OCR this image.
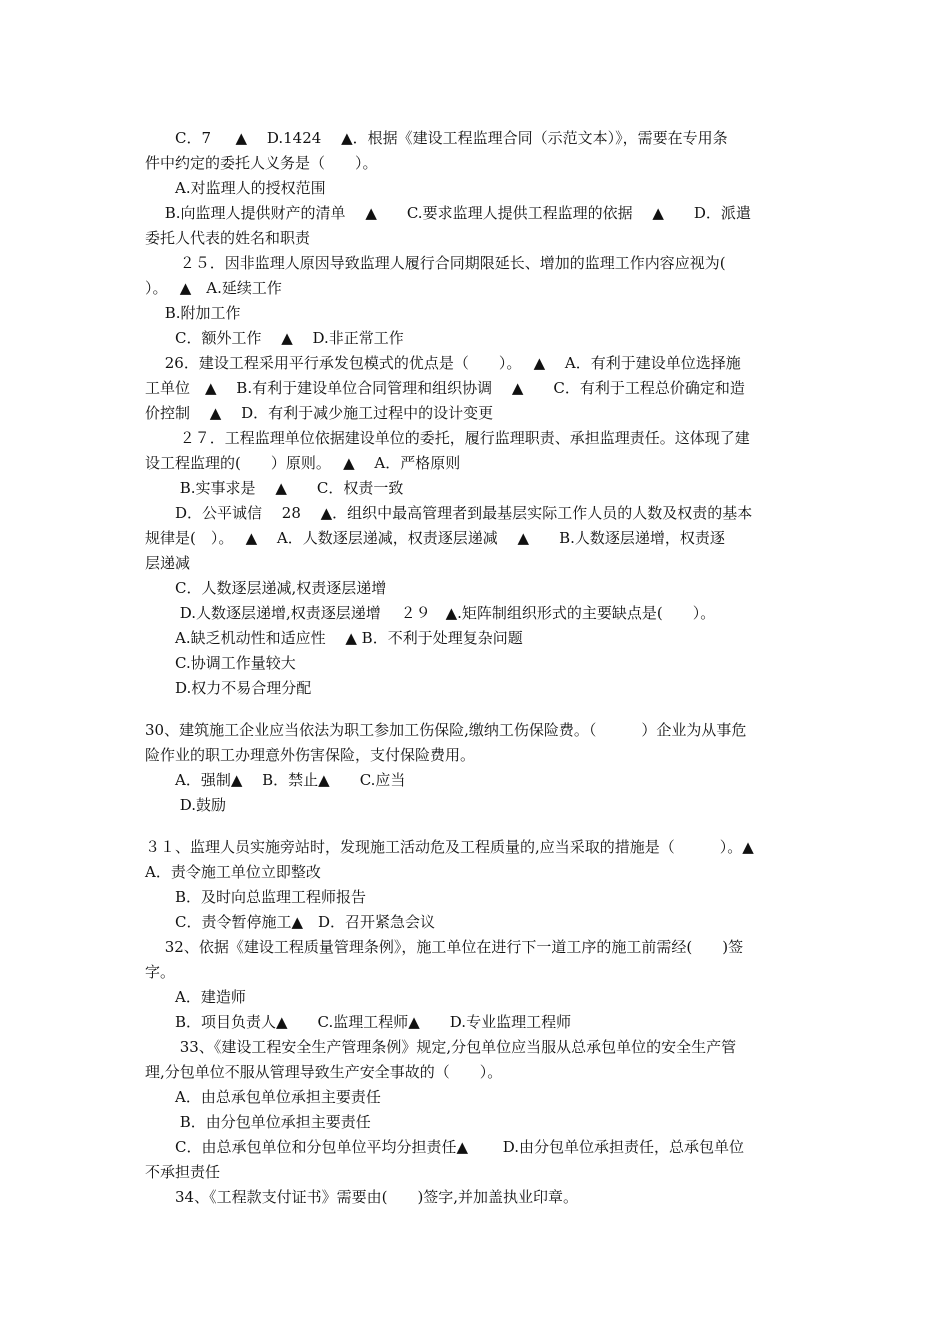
　　C．7　 ﻿ ▲ 　D.1424　 ▲．根据《建设工程监理合同（示范文本）》，需要在专用条
件中约定的委托人义务是（　　）。
　　A.对监理人的授权范围
　 B.向监理人提供财产的清单　 ▲　　C.要求监理人提供工程监理的依据　 ▲　　D．派遣
委托人代表的姓名和职责
　　 ２５．因非监理人原因导致监理人履行合同期限延长、增加的监理工作内容应视为(
）。　 ▲　A.延续工作
　 B.附加工作
　　C．额外工作　 ▲　 D.非正常工作
　 26．建设工程采用平行承发包模式的优点是（　　）。　 ▲　 A．有利于建设单位选择施
工单位　▲　 B.有利于建设单位合同管理和组织协调　 ▲　　C．有利于工程总价确定和造
价控制　 ▲　 D．有利于减少施工过程中的设计变更
　　 ２７．工程监理单位依据建设单位的委托，履行监理职责、承担监理责任。这体现了建
设工程监理的(　　）原则。　 ▲　 A．严格原则
　　 B.实事求是　 ▲　　C．权责一致
　　D．公平诚信　 28　 ▲．组织中最高管理者到最基层实际工作人员的人数及权责的基本
规律是(　）。　 ▲　 A．人数逐层递减，权责逐层递减　 ▲　　B.人数逐层递增，权责逐
层递减
　　C．人数逐层递减,权责逐层递增
　　 D.人数逐层递增,权责逐层递增　 ２９　▲.矩阵制组织形式的主要缺点是(　　）。
　　A.缺乏机动性和适应性　 ▲ B．不利于处理复杂问题
　　C.协调工作量较大
　　D.权力不易合理分配
30、建筑施工企业应当依法为职工参加工伤保险,缴纳工伤保险费。（　　　）企业为从事危
险作业的职工办理意外伤害保险，支付保险费用。
　　A．强制▲　 B．禁止▲　　C.应当
　　 D.鼓励
３１、监理人员实施旁站时，发现施工活动危及工程质量的,应当采取的措施是（　　　）。▲
A．责令施工单位立即整改
　　B．及时向总监理工程师报告
　　C．责令暂停施工▲　D．召开紧急会议
　 32、依据《建设工程质量管理条例》，施工单位在进行下一道工序的施工前需经(　　)签
字。
　　A．建造师
　　B．项目负责人▲　　C.监理工程师▲　　D.专业监理工程师
　　 33、《建设工程安全生产管理条例》规定,分包单位应当服从总承包单位的安全生产管
理,分包单位不服从管理导致生产安全事故的（　　）。
　　A．由总承包单位承担主要责任
　　 B．由分包单位承担主要责任
　　C．由总承包单位和分包单位平均分担责任▲　　 D.由分包单位承担责任，总承包单位
不承担责任
　　34、《工程款支付证书》需要由(　　)签字,并加盖执业印章。
